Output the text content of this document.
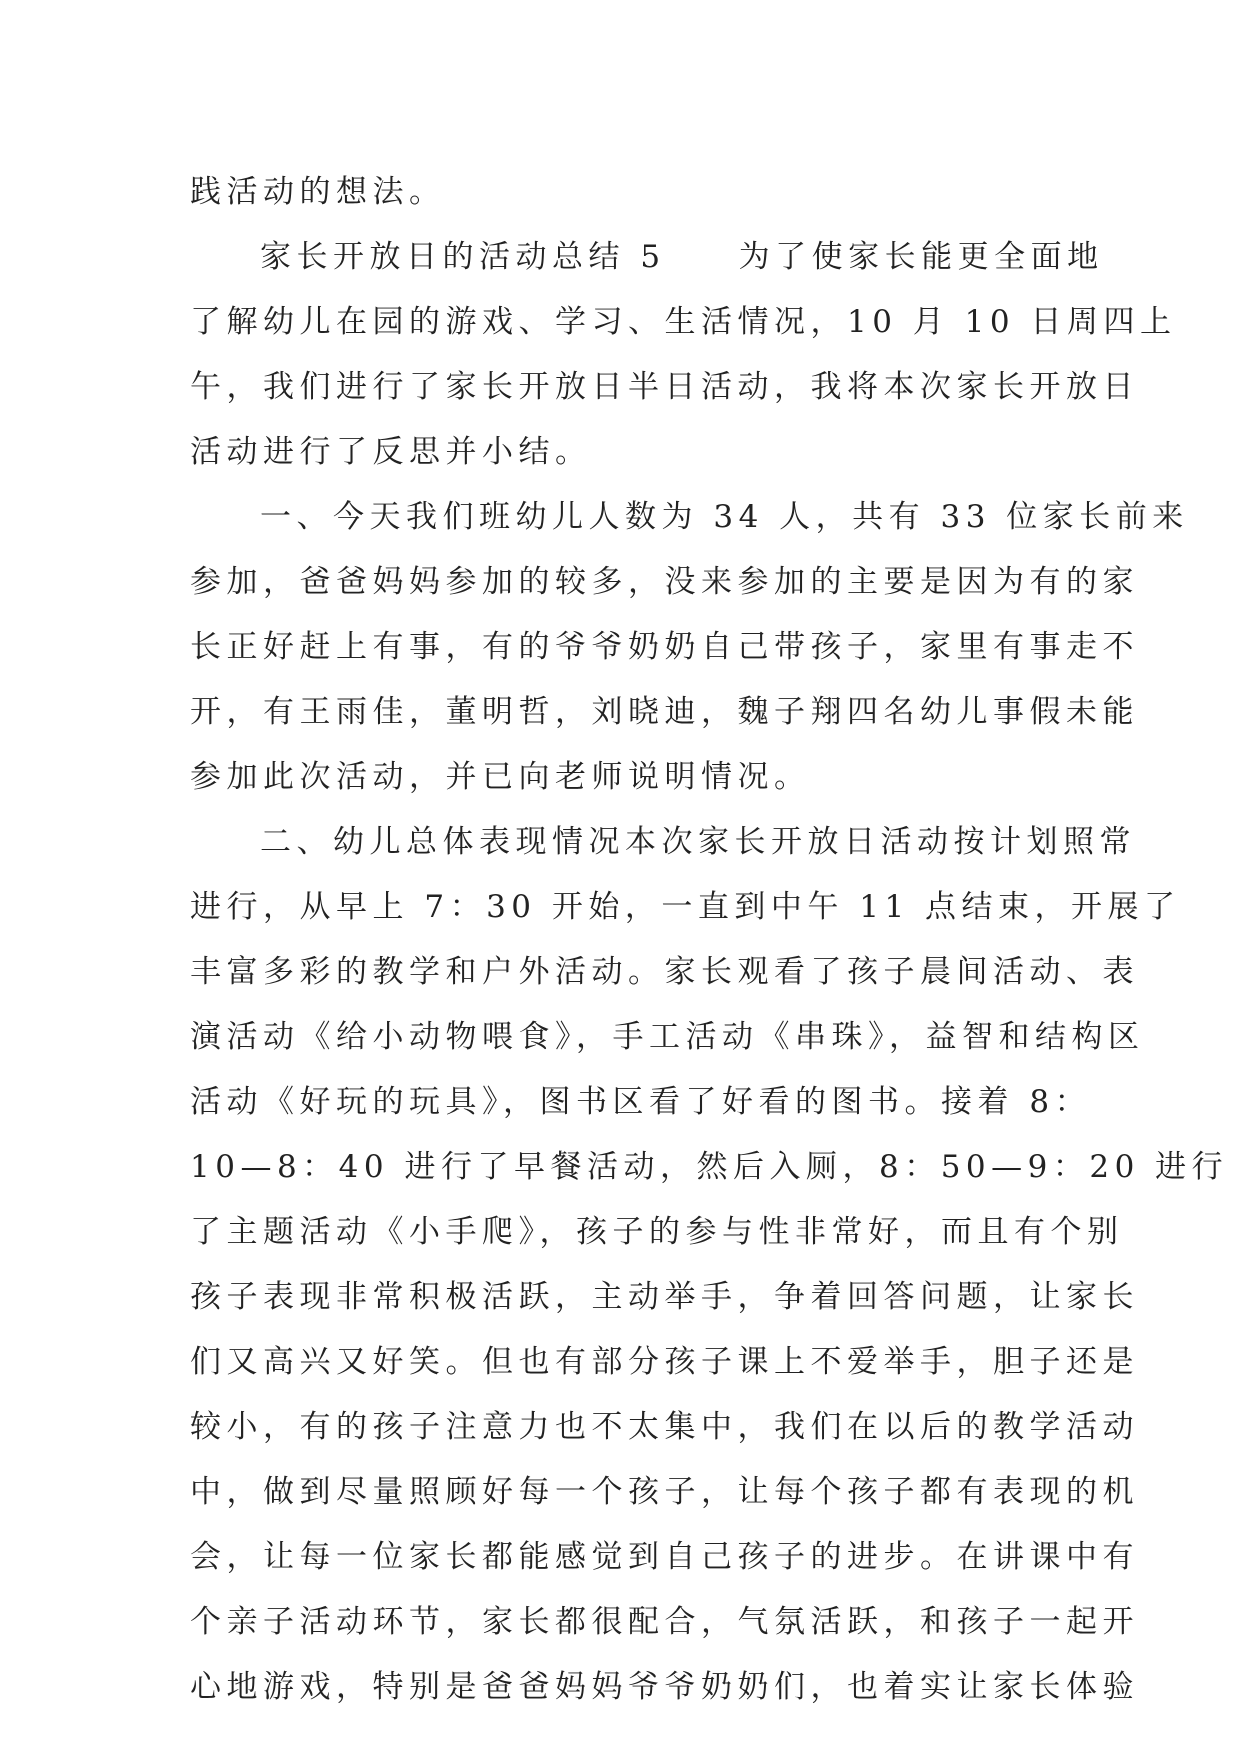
践活动的想法。
家长开放日的活动总结 5　　为了使家长能更全面地
了解幼儿在园的游戏、学习、生活情况，10 月 10 日周四上
午，我们进行了家长开放日半日活动，我将本次家长开放日
活动进行了反思并小结。
一、今天我们班幼儿人数为 34 人，共有 33 位家长前来
参加，爸爸妈妈参加的较多，没来参加的主要是因为有的家
长正好赶上有事，有的爷爷奶奶自己带孩子，家里有事走不
开，有王雨佳，董明哲，刘晓迪，魏子翔四名幼儿事假未能
参加此次活动，并已向老师说明情况。
二、幼儿总体表现情况本次家长开放日活动按计划照常
进行，从早上 7：30 开始，一直到中午 11 点结束，开展了
丰富多彩的教学和户外活动。家长观看了孩子晨间活动、表
演活动《给小动物喂食》，手工活动《串珠》，益智和结构区
活动《好玩的玩具》，图书区看了好看的图书。接着 8：
10—8：40 进行了早餐活动，然后入厕，8：50—9：20 进行
了主题活动《小手爬》，孩子的参与性非常好，而且有个别
孩子表现非常积极活跃，主动举手，争着回答问题，让家长
们又高兴又好笑。但也有部分孩子课上不爱举手，胆子还是
较小，有的孩子注意力也不太集中，我们在以后的教学活动
中，做到尽量照顾好每一个孩子，让每个孩子都有表现的机
会，让每一位家长都能感觉到自己孩子的进步。在讲课中有
个亲子活动环节，家长都很配合，气氛活跃，和孩子一起开
心地游戏，特别是爸爸妈妈爷爷奶奶们，也着实让家长体验
